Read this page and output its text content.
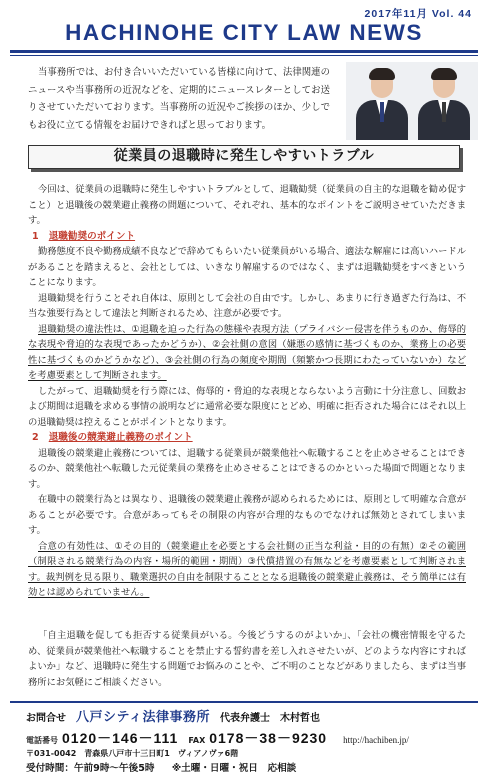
2017年11月 Vol. 44
HACHINOHE CITY LAW NEWS

当事務所では、お付き合いいただいている皆様に向けて、法律関連のニュースや当事務所の近況などを、定期的にニュースレターとしてお送りさせていただいております。当事務所の近況やご挨拶のほか、少しでもお役に立てる情報をお届けできればと思っております。

従業員の退職時に発生しやすいトラブル

今回は、従業員の退職時に発生しやすいトラブルとして、退職勧奨（従業員の自主的な退職を勧め促すこと）と退職後の競業避止義務の問題について、それぞれ、基本的なポイントをご説明させていただきます。

1 退職勧奨のポイント

勤務態度不良や勤務成績不良などで辞めてもらいたい従業員がいる場合、適法な解雇には高いハードルがあることを踏まえると、会社としては、いきなり解雇するのではなく、まずは退職勧奨をすべきということになります。

退職勧奨を行うことそれ自体は、原則として会社の自由です。しかし、あまりに行き過ぎた行為は、不当な強要行為として違法と判断されるため、注意が必要です。

退職勧奨の違法性は、①退職を迫った行為の態様や表現方法（プライバシー侵害を伴うものか、侮辱的な表現や脅迫的な表現であったかどうか）、②会社側の意図（嫌悪の感情に基づくものか、業務上の必要性に基づくものかどうかなど）、③会社側の行為の頻度や期間（頻繁かつ長期にわたっていないか）などを考慮要素として判断されます。

したがって、退職勧奨を行う際には、侮辱的・脅迫的な表現とならないよう言動に十分注意し、回数および期間は退職を求める事情の説明などに通常必要な限度にとどめ、明確に拒否された場合にはそれ以上の退職勧奨は控えることがポイントとなります。

2 退職後の競業避止義務のポイント

退職後の競業避止義務については、退職する従業員が競業他社へ転職することを止めさせることはできるのか、競業他社へ転職した元従業員の業務を止めさせることはできるのかといった場面で問題となります。

在職中の競業行為とは異なり、退職後の競業避止義務が認められるためには、原則として明確な合意があることが必要です。合意があってもその制限の内容が合理的なものでなければ無効とされてしまいます。

合意の有効性は、①その目的（競業避止を必要とする会社側の正当な利益・目的の有無）②その範囲（制限される競業行為の内容・場所的範囲・期間）③代償措置の有無などを考慮要素として判断されます。裁判例を見る限り、職業選択の自由を制限することとなる退職後の競業避止義務は、そう簡単には有効とは認められていません。

「自主退職を促しても拒否する従業員がいる。今後どうするのがよいか」、「会社の機密情報を守るため、従業員が競業他社へ転職することを禁止する誓約書を差し入れさせたいが、どのような内容にすればよいか」など、退職時に発生する問題でお悩みのことや、ご不明のことなどがありましたら、まずは当事務所にお気軽にご相談ください。

お問合せ 八戸シティ法律事務所 代表弁護士　木村哲也
電話番号 0120－146－111 FAX 0178－38－9230 http://hachiben.jp/
〒031-0042　青森県八戸市十三日町1　ヴィアノヴァ6階
受付時間：午前9時〜午後5時 ※土曜・日曜・祝日　応相談
